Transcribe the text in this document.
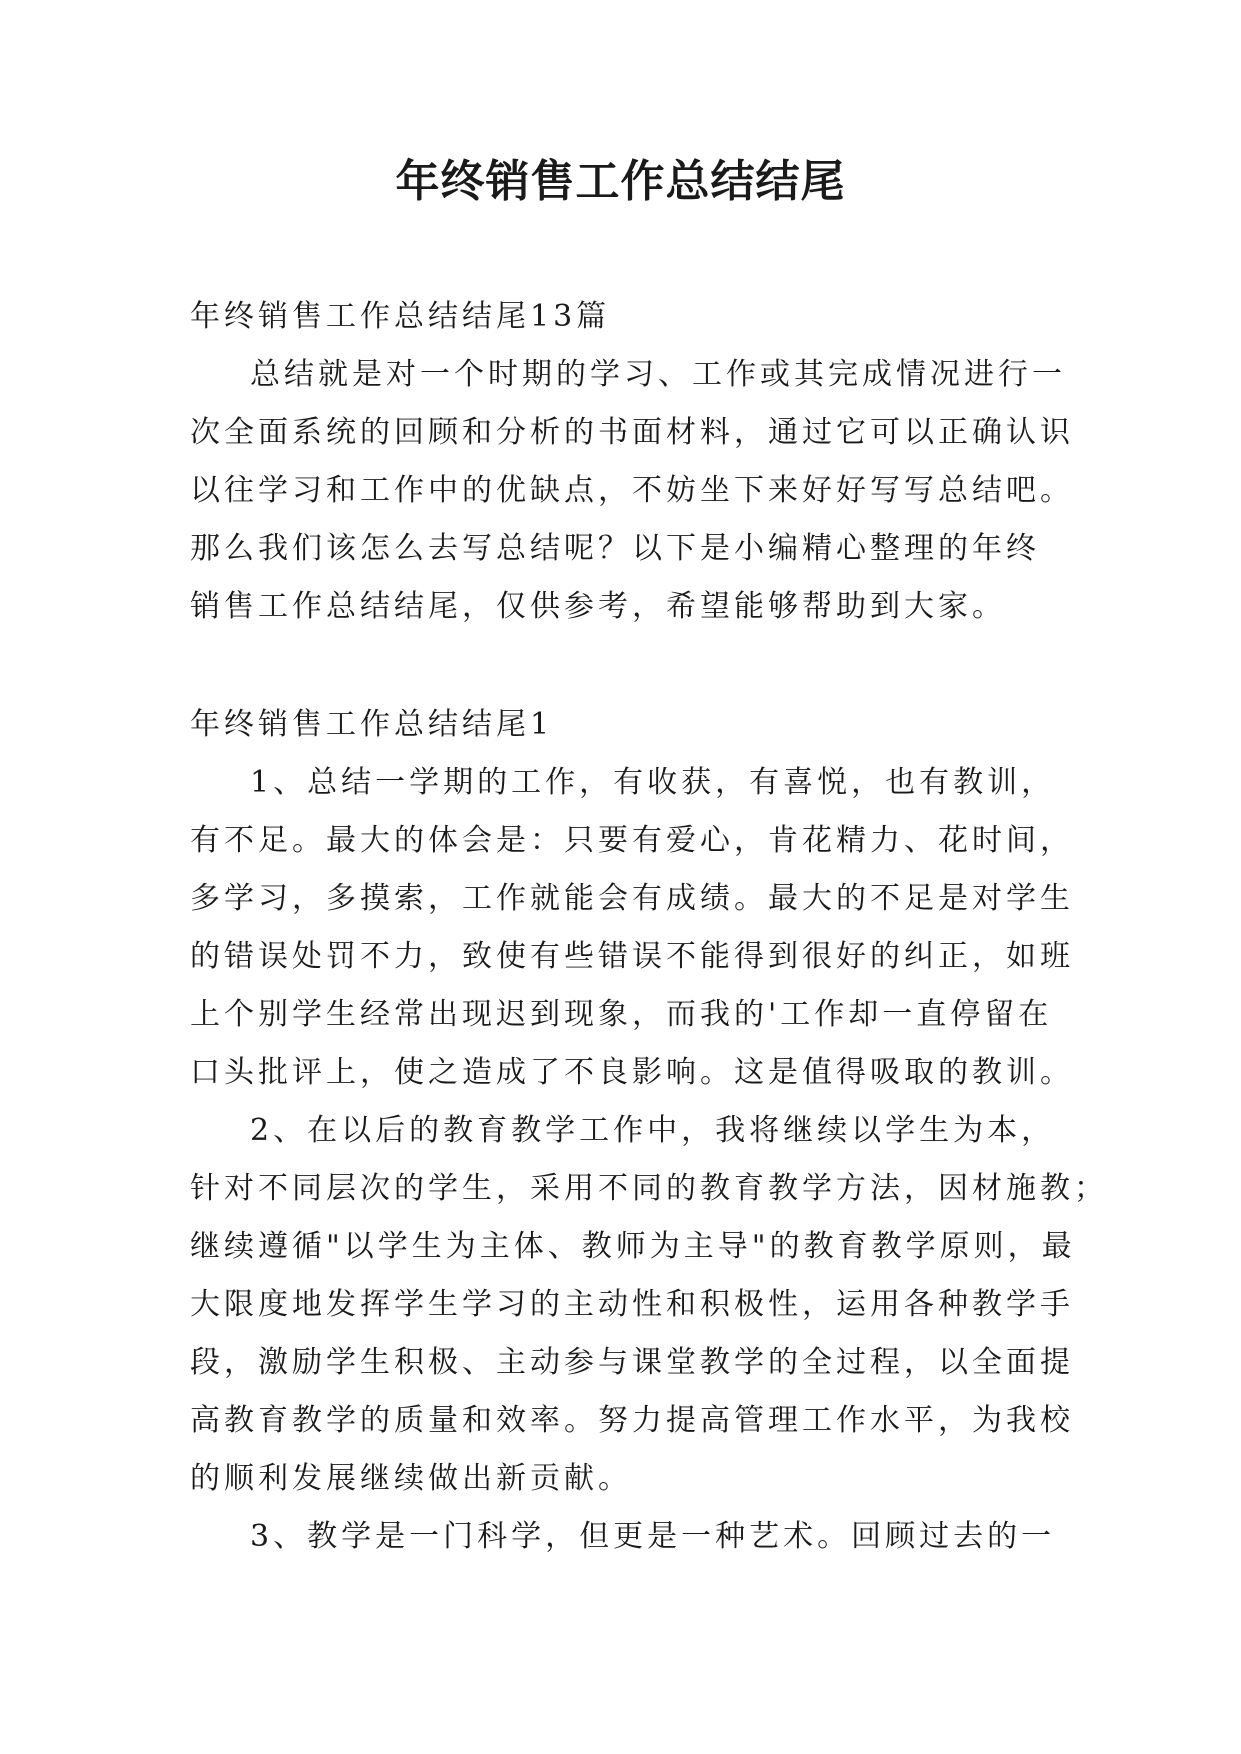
年终销售工作总结结尾

年终销售工作总结结尾13篇

总结就是对一个时期的学习、工作或其完成情况进行一
次全面系统的回顾和分析的书面材料，通过它可以正确认识
以往学习和工作中的优缺点，不妨坐下来好好写写总结吧。
那么我们该怎么去写总结呢？以下是小编精心整理的年终
销售工作总结结尾，仅供参考，希望能够帮助到大家。

年终销售工作总结结尾1

1、总结一学期的工作，有收获，有喜悦，也有教训，
有不足。最大的体会是：只要有爱心，肯花精力、花时间，
多学习，多摸索，工作就能会有成绩。最大的不足是对学生
的错误处罚不力，致使有些错误不能得到很好的纠正，如班
上个别学生经常出现迟到现象，而我的'工作却一直停留在
口头批评上，使之造成了不良影响。这是值得吸取的教训。

2、在以后的教育教学工作中，我将继续以学生为本，
针对不同层次的学生，采用不同的教育教学方法，因材施教；
继续遵循"以学生为主体、教师为主导"的教育教学原则，最
大限度地发挥学生学习的主动性和积极性，运用各种教学手
段，激励学生积极、主动参与课堂教学的全过程，以全面提
高教育教学的质量和效率。努力提高管理工作水平，为我校
的顺利发展继续做出新贡献。

3、教学是一门科学，但更是一种艺术。回顾过去的一
